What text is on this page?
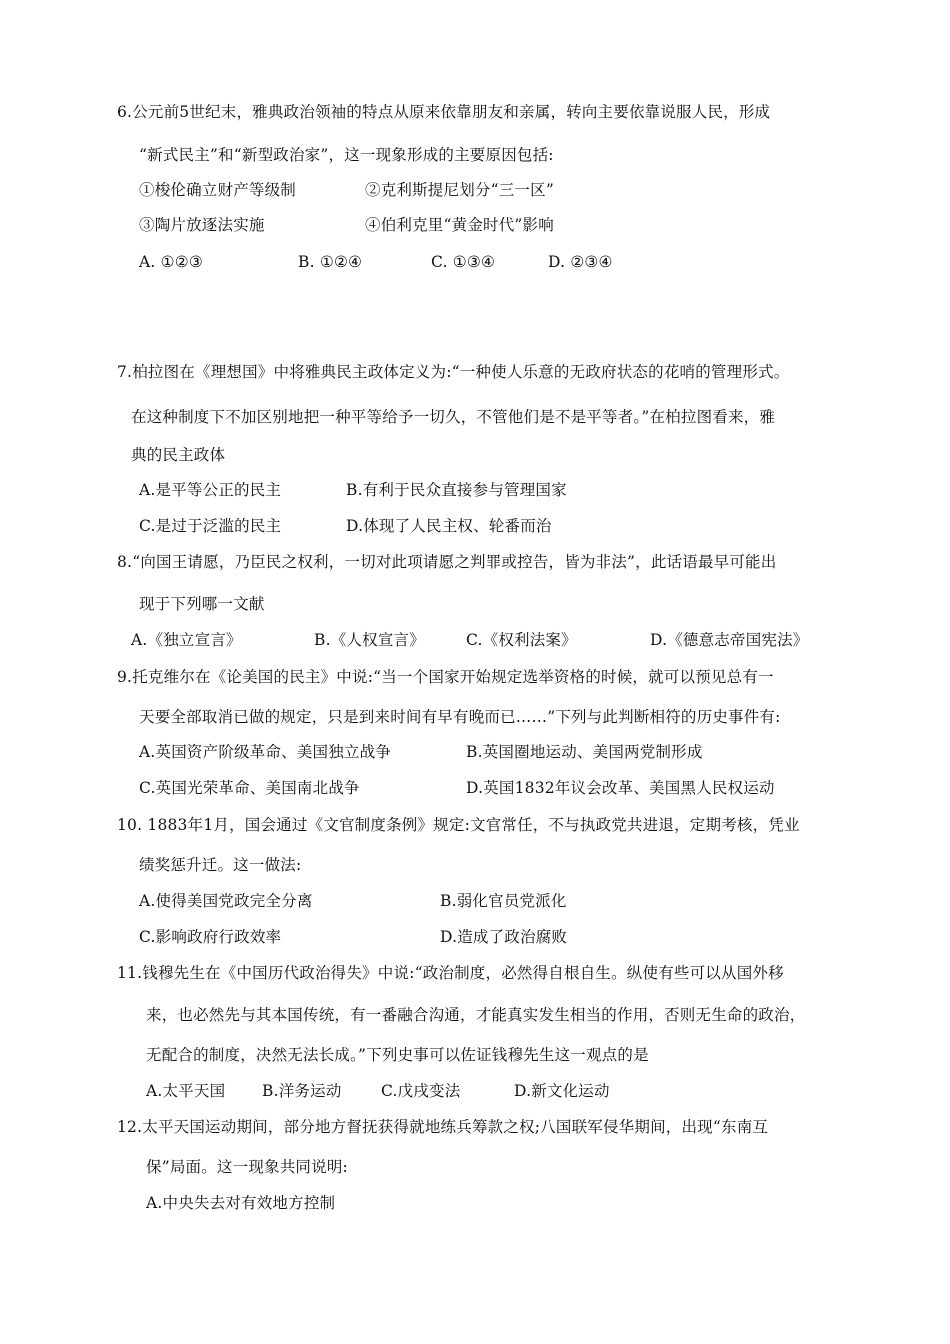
6.公元前5世纪末，雅典政治领袖的特点从原来依靠朋友和亲属，转向主要依靠说服人民，形成
“新式民主”和“新型政治家”，这一现象形成的主要原因包括:
①梭伦确立财产等级制	②克利斯提尼划分“三一区”
③陶片放逐法实施	④伯利克里“黄金时代”影响
A. ①②③	B. ①②④	C. ①③④	D. ②③④
7.柏拉图在《理想国》中将雅典民主政体定义为:“一种使人乐意的无政府状态的花哨的管理形式。
在这种制度下不加区别地把一种平等给予一切久，不管他们是不是平等者。”在柏拉图看来，雅
典的民主政体
A.是平等公正的民主	B.有利于民众直接参与管理国家
C.是过于泛滥的民主	D.体现了人民主权、轮番而治
8.“向国王请愿，乃臣民之权利，一切对此项请愿之判罪或控告，皆为非法”，此话语最早可能出
现于下列哪一文献
A.《独立宣言》	B.《人权宣言》	C.《权利法案》	D.《德意志帝国宪法》
9.托克维尔在《论美国的民主》中说:“当一个国家开始规定选举资格的时候，就可以预见总有一
天要全部取消已做的规定，只是到来时间有早有晚而已……”下列与此判断相符的历史事件有:
A.英国资产阶级革命、美国独立战争	B.英国圈地运动、美国两党制形成
C.英国光荣革命、美国南北战争	D.英国1832年议会改革、美国黑人民权运动
10. 1883年1月，国会通过《文官制度条例》规定:文官常任，不与执政党共进退，定期考核，凭业
绩奖惩升迁。这一做法:
A.使得美国党政完全分离	B.弱化官员党派化
C.影响政府行政效率	D.造成了政治腐败
11.钱穆先生在《中国历代政治得失》中说:“政治制度，必然得自根自生。纵使有些可以从国外移
来，也必然先与其本国传统，有一番融合沟通，才能真实发生相当的作用，否则无生命的政治，
无配合的制度，决然无法长成。”下列史事可以佐证钱穆先生这一观点的是
A.太平天国 B.洋务运动	C.戊戌变法	D.新文化运动
12.太平天国运动期间，部分地方督抚获得就地练兵筹款之权;八国联军侵华期间，出现“东南互
保”局面。这一现象共同说明:
A.中央失去对有效地方控制
